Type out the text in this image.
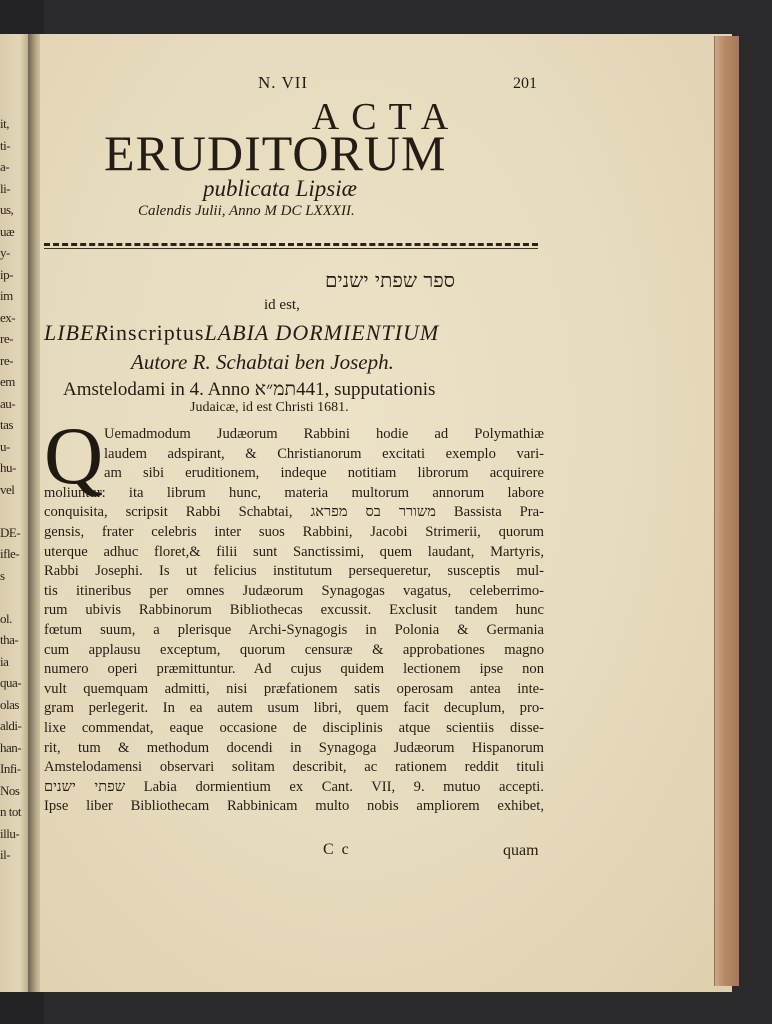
it,
ti-
a-
li-
us,
uæ
y-
ip-
im
ex-
re-
re-
em
au-
tas
u-
hu-
vel
DE-
ifle-
s
ol.
tha-
ia
qua-
olas
aldi-
han-
Infi-
Nos
n tot
illu-
il-
N. VII	201
ACTA
ERUDITORUM
publicata Lipsiæ
Calendis Julii, Anno M DC LXXXII.
ספר שפתי ישנים
id est,
LIBERinscriptusLABIA DORMIENTIUM
Autore R. Schabtai ben Joseph.
Amstelodami in 4. Anno תמ״א441, supputationis
Judaicæ, id est Christi 1681.
Q Uemadmodum Judæorum Rabbini hodie ad Polymathiæ
laudem adspirant, & Christianorum excitati exemplo vari-
am sibi eruditionem, indeque notitiam librorum acquirere
moliuntur: ita librum hunc, materia multorum annorum labore
conquisita, scripsit Rabbi Schabtai, משורר בס מפראג Bassista Pra-
gensis, frater celebris inter suos Rabbini, Jacobi Strimerii, quorum
uterque adhuc floret,& filii sunt Sanctissimi, quem laudant, Martyris,
Rabbi Josephi. Is ut felicius institutum persequeretur, susceptis mul-
tis itineribus per omnes Judæorum Synagogas vagatus, celeberrimo-
rum ubivis Rabbinorum Bibliothecas excussit. Exclusit tandem hunc
fœtum suum, a plerisque Archi-Synagogis in Polonia & Germania
cum applausu exceptum, quorum censuræ & approbationes magno
numero operi præmittuntur. Ad cujus quidem lectionem ipse non
vult quemquam admitti, nisi præfationem satis operosam antea inte-
gram perlegerit. In ea autem usum libri, quem facit decuplum, pro-
lixe commendat, eaque occasione de disciplinis atque scientiis disse-
rit, tum & methodum docendi in Synagoga Judæorum Hispanorum
Amstelodamensi observari solitam describit, ac rationem reddit tituli
שפתי ישנים Labia dormientium ex Cant. VII, 9. mutuo accepti.
Ipse liber Bibliothecam Rabbinicam multo nobis ampliorem exhibet,
C c	quam
